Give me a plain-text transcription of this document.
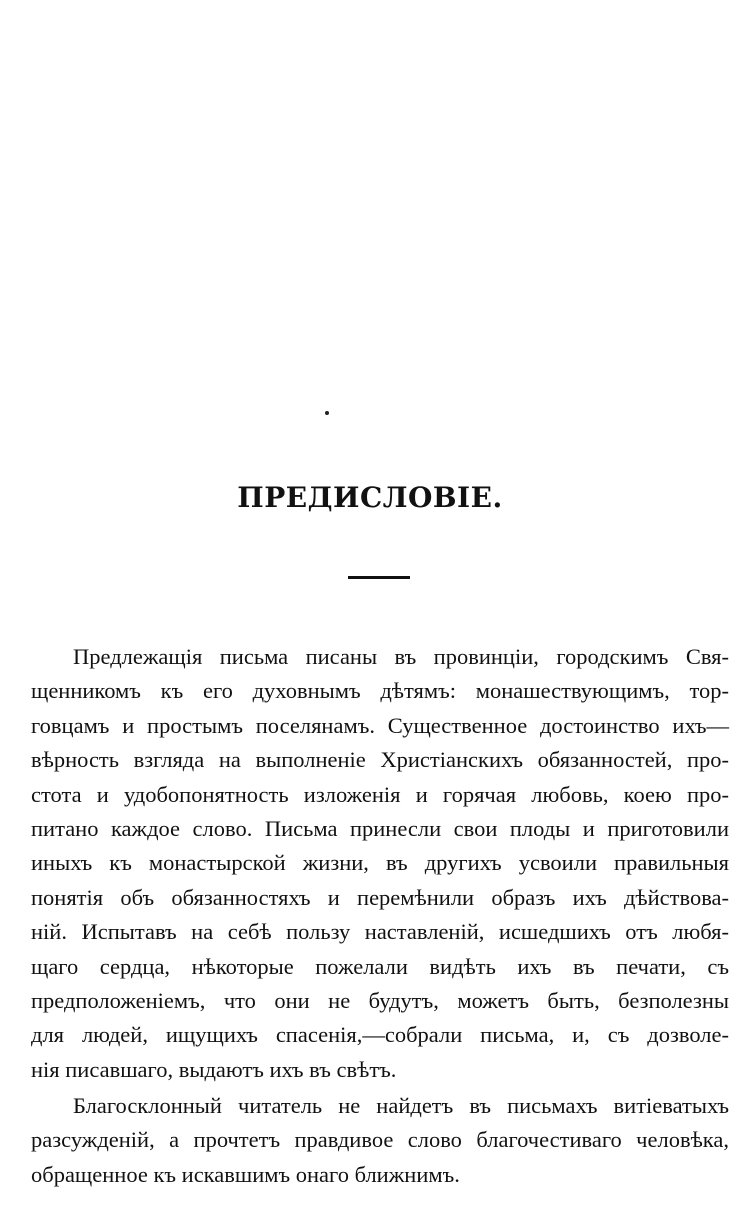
ПРЕДИСЛОВІЕ.
Предлежащія письма писаны въ провинціи, городскимъ Свя-
щенникомъ къ его духовнымъ дѣтямъ: монашествующимъ, тор-
говцамъ и простымъ поселянамъ. Существенное достоинство ихъ—
вѣрность взгляда на выполненіе Христіанскихъ обязанностей, про-
стота и удобопонятность изложенія и горячая любовь, коею про-
питано каждое слово. Письма принесли свои плоды и приготовили
иныхъ къ монастырской жизни, въ другихъ усвоили правильныя
понятія объ обязанностяхъ и перемѣнили образъ ихъ дѣйствова-
ній. Испытавъ на себѣ пользу наставленій, исшедшихъ отъ любя-
щаго сердца, нѣкоторые пожелали видѣть ихъ въ печати, съ
предположеніемъ, что они не будутъ, можетъ быть, безполезны
для людей, ищущихъ спасенія,—собрали письма, и, съ дозволе-
нія писавшаго, выдаютъ ихъ въ свѣтъ.
Благосклонный читатель не найдетъ въ письмахъ витіеватыхъ
разсужденій, а прочтетъ правдивое слово благочестиваго человѣка,
обращенное къ искавшимъ онаго ближнимъ.
